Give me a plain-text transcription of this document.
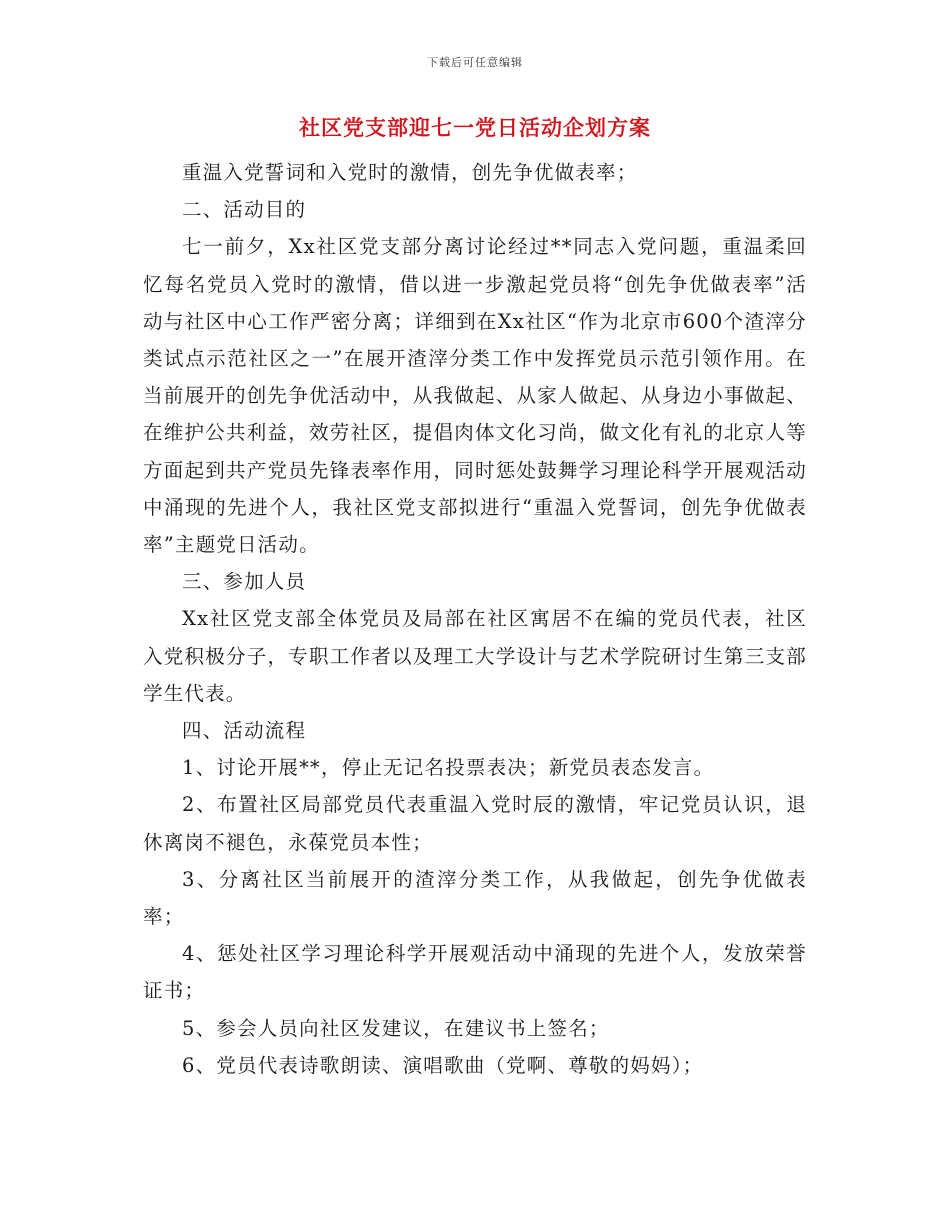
下载后可任意编辑
社区党支部迎七一党日活动企划方案

重温入党誓词和入党时的激情，创先争优做表率；

二、活动目的

七一前夕，Xx社区党支部分离讨论经过**同志入党问题，重温柔回忆每名党员入党时的激情，借以进一步激起党员将“创先争优做表率”活动与社区中心工作严密分离；详细到在Xx社区“作为北京市600个渣滓分类试点示范社区之一”在展开渣滓分类工作中发挥党员示范引领作用。在当前展开的创先争优活动中，从我做起、从家人做起、从身边小事做起、在维护公共利益，效劳社区，提倡肉体文化习尚，做文化有礼的北京人等方面起到共产党员先锋表率作用，同时惩处鼓舞学习理论科学开展观活动中涌现的先进个人，我社区党支部拟进行“重温入党誓词，创先争优做表率”主题党日活动。

三、参加人员

Xx社区党支部全体党员及局部在社区寓居不在编的党员代表，社区入党积极分子，专职工作者以及理工大学设计与艺术学院研讨生第三支部学生代表。

四、活动流程

1、讨论开展**，停止无记名投票表决；新党员表态发言。

2、布置社区局部党员代表重温入党时辰的激情，牢记党员认识，退休离岗不褪色，永葆党员本性；

3、分离社区当前展开的渣滓分类工作，从我做起，创先争优做表率；

4、惩处社区学习理论科学开展观活动中涌现的先进个人，发放荣誉证书；

5、参会人员向社区发建议，在建议书上签名；

6、党员代表诗歌朗读、演唱歌曲（党啊、尊敬的妈妈）；
